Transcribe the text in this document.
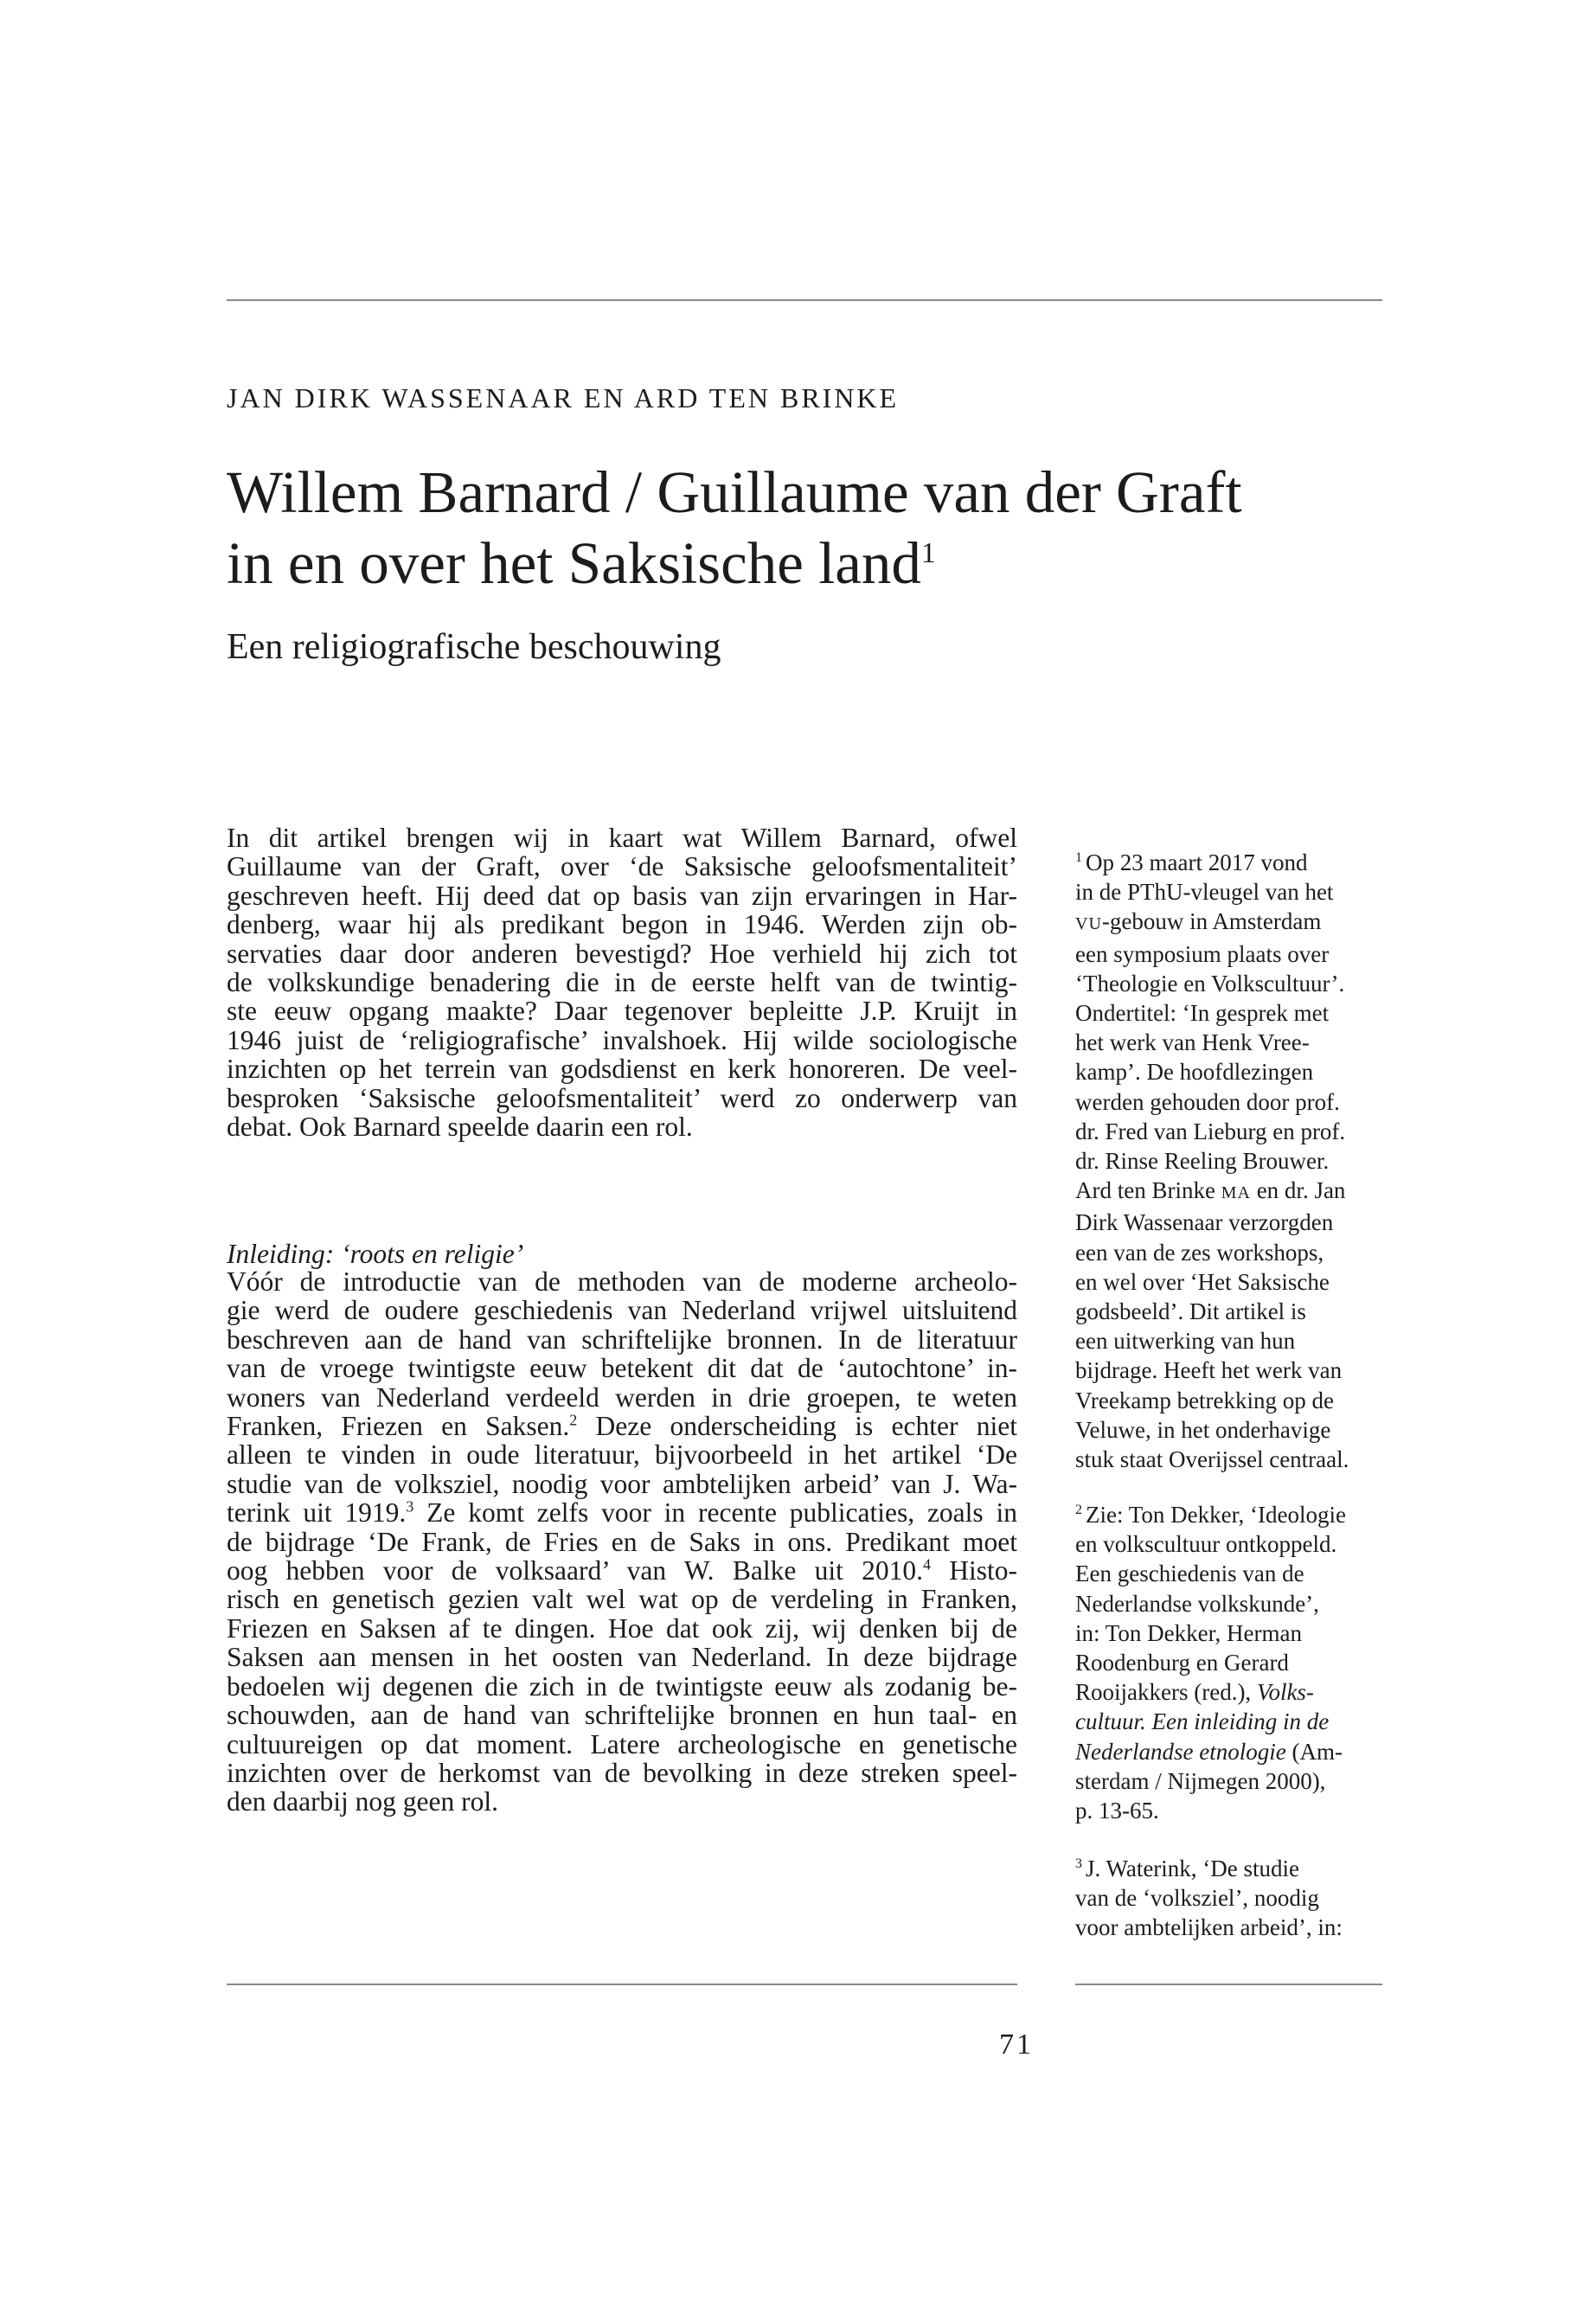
JAN DIRK WASSENAAR EN ARD TEN BRINKE
Willem Barnard / Guillaume van der Graft
in en over het Saksische land$^1$
Een religiografische beschouwing
In dit artikel brengen wij in kaart wat Willem Barnard, ofwel
Guillaume van der Graft, over ‘de Saksische geloofsmentaliteit’
geschreven heeft. Hij deed dat op basis van zijn ervaringen in Har-
denberg, waar hij als predikant begon in 1946. Werden zijn ob-
servaties daar door anderen bevestigd? Hoe verhield hij zich tot
de volkskundige benadering die in de eerste helft van de twintig-
ste eeuw opgang maakte? Daar tegenover bepleitte J.P. Kruijt in
1946 juist de ‘religiografische’ invalshoek. Hij wilde sociologische
inzichten op het terrein van godsdienst en kerk honoreren. De veel-
besproken ‘Saksische geloofsmentaliteit’ werd zo onderwerp van
debat. Ook Barnard speelde daarin een rol.
Inleiding: ‘roots en religie’
Vóór de introductie van de methoden van de moderne archeolo-
gie werd de oudere geschiedenis van Nederland vrijwel uitsluitend
beschreven aan de hand van schriftelijke bronnen. In de literatuur
van de vroege twintigste eeuw betekent dit dat de ‘autochtone’ in-
woners van Nederland verdeeld werden in drie groepen, te weten
Franken, Friezen en Saksen.$^2$ Deze onderscheiding is echter niet
alleen te vinden in oude literatuur, bijvoorbeeld in het artikel ‘De
studie van de volksziel, noodig voor ambtelijken arbeid’ van J. Wa-
terink uit 1919.$^3$ Ze komt zelfs voor in recente publicaties, zoals in
de bijdrage ‘De Frank, de Fries en de Saks in ons. Predikant moet
oog hebben voor de volksaard’ van W. Balke uit 2010.$^4$ Histo-
risch en genetisch gezien valt wel wat op de verdeling in Franken,
Friezen en Saksen af te dingen. Hoe dat ook zij, wij denken bij de
Saksen aan mensen in het oosten van Nederland. In deze bijdrage
bedoelen wij degenen die zich in de twintigste eeuw als zodanig be-
schouwden, aan de hand van schriftelijke bronnen en hun taal- en
cultuureigen op dat moment. Latere archeologische en genetische
inzichten over de herkomst van de bevolking in deze streken speel-
den daarbij nog geen rol.
$^1$ Op 23 maart 2017 vond
in de PThU-vleugel van het
VU-gebouw in Amsterdam
een symposium plaats over
‘Theologie en Volkscultuur’.
Ondertitel: ‘In gesprek met
het werk van Henk Vree-
kamp’. De hoofdlezingen
werden gehouden door prof.
dr. Fred van Lieburg en prof.
dr. Rinse Reeling Brouwer.
Ard ten Brinke MA en dr. Jan
Dirk Wassenaar verzorgden
een van de zes workshops,
en wel over ‘Het Saksische
godsbeeld’. Dit artikel is
een uitwerking van hun
bijdrage. Heeft het werk van
Vreekamp betrekking op de
Veluwe, in het onderhavige
stuk staat Overijssel centraal.
$^2$ Zie: Ton Dekker, ‘Ideologie
en volkscultuur ontkoppeld.
Een geschiedenis van de
Nederlandse volkskunde’,
in: Ton Dekker, Herman
Roodenburg en Gerard
Rooijakkers (red.), Volks-
cultuur. Een inleiding in de
Nederlandse etnologie (Am-
sterdam / Nijmegen 2000),
p. 13-65.
$^3$ J. Waterink, ‘De studie
van de ‘volksziel’, noodig
voor ambtelijken arbeid’, in:
71
